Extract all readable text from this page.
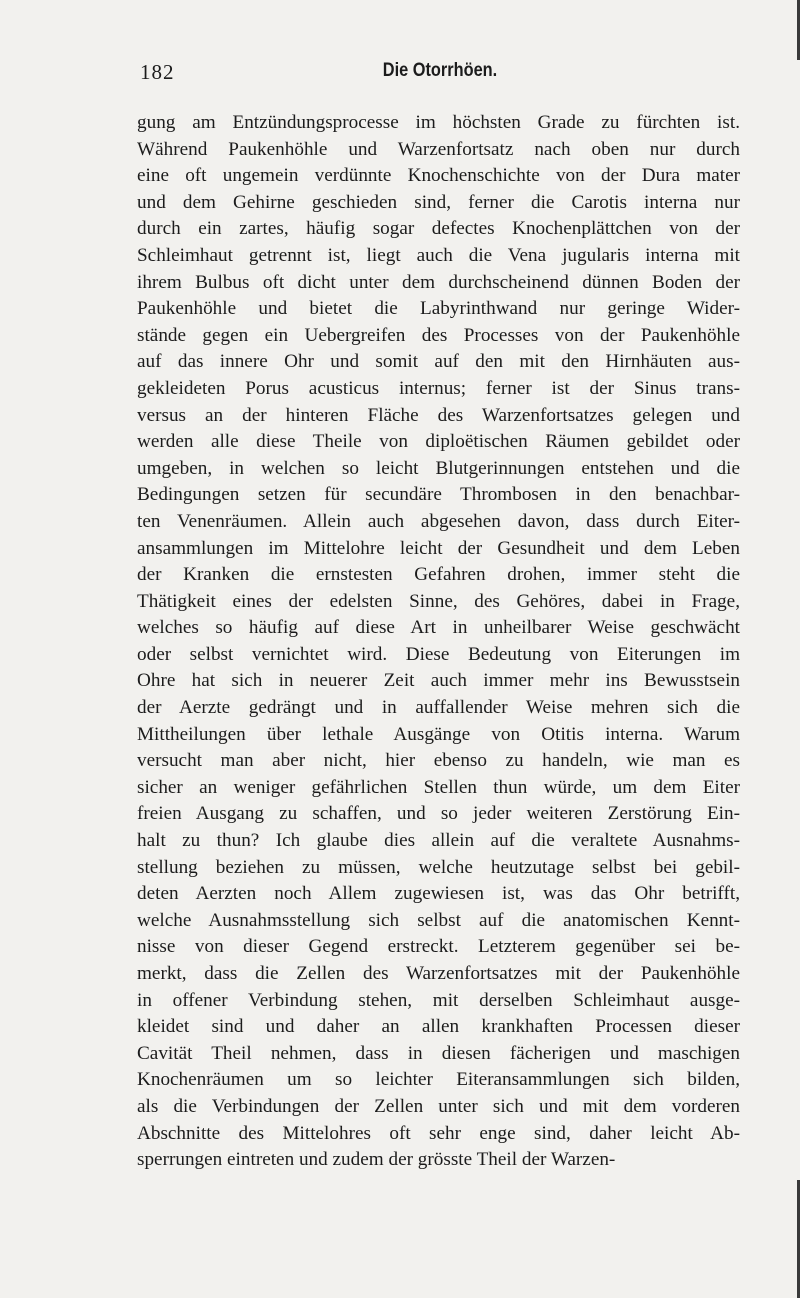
182	Die Otorrhöen.
gung am Entzündungsprocesse im höchsten Grade zu fürchten ist.
Während Paukenhöhle und Warzenfortsatz nach oben nur durch
eine oft ungemein verdünnte Knochenschichte von der Dura mater
und dem Gehirne geschieden sind, ferner die Carotis interna nur
durch ein zartes, häufig sogar defectes Knochenplättchen von der
Schleimhaut getrennt ist, liegt auch die Vena jugularis interna mit
ihrem Bulbus oft dicht unter dem durchscheinend dünnen Boden der
Paukenhöhle und bietet die Labyrinthwand nur geringe Wider-
stände gegen ein Uebergreifen des Processes von der Paukenhöhle
auf das innere Ohr und somit auf den mit den Hirnhäuten aus-
gekleideten Porus acusticus internus; ferner ist der Sinus trans-
versus an der hinteren Fläche des Warzenfortsatzes gelegen und
werden alle diese Theile von diploëtischen Räumen gebildet oder
umgeben, in welchen so leicht Blutgerinnungen entstehen und die
Bedingungen setzen für secundäre Thrombosen in den benachbar-
ten Venenräumen. Allein auch abgesehen davon, dass durch Eiter-
ansammlungen im Mittelohre leicht der Gesundheit und dem Leben
der Kranken die ernstesten Gefahren drohen, immer steht die
Thätigkeit eines der edelsten Sinne, des Gehöres, dabei in Frage,
welches so häufig auf diese Art in unheilbarer Weise geschwächt
oder selbst vernichtet wird. Diese Bedeutung von Eiterungen im
Ohre hat sich in neuerer Zeit auch immer mehr ins Bewusstsein
der Aerzte gedrängt und in auffallender Weise mehren sich die
Mittheilungen über lethale Ausgänge von Otitis interna. Warum
versucht man aber nicht, hier ebenso zu handeln, wie man es
sicher an weniger gefährlichen Stellen thun würde, um dem Eiter
freien Ausgang zu schaffen, und so jeder weiteren Zerstörung Ein-
halt zu thun? Ich glaube dies allein auf die veraltete Ausnahms-
stellung beziehen zu müssen, welche heutzutage selbst bei gebil-
deten Aerzten noch Allem zugewiesen ist, was das Ohr betrifft,
welche Ausnahmsstellung sich selbst auf die anatomischen Kennt-
nisse von dieser Gegend erstreckt. Letzterem gegenüber sei be-
merkt, dass die Zellen des Warzenfortsatzes mit der Paukenhöhle
in offener Verbindung stehen, mit derselben Schleimhaut ausge-
kleidet sind und daher an allen krankhaften Processen dieser
Cavität Theil nehmen, dass in diesen fächerigen und maschigen
Knochenräumen um so leichter Eiteransammlungen sich bilden,
als die Verbindungen der Zellen unter sich und mit dem vorderen
Abschnitte des Mittelohres oft sehr enge sind, daher leicht Ab-
sperrungen eintreten und zudem der grösste Theil der Warzen-
